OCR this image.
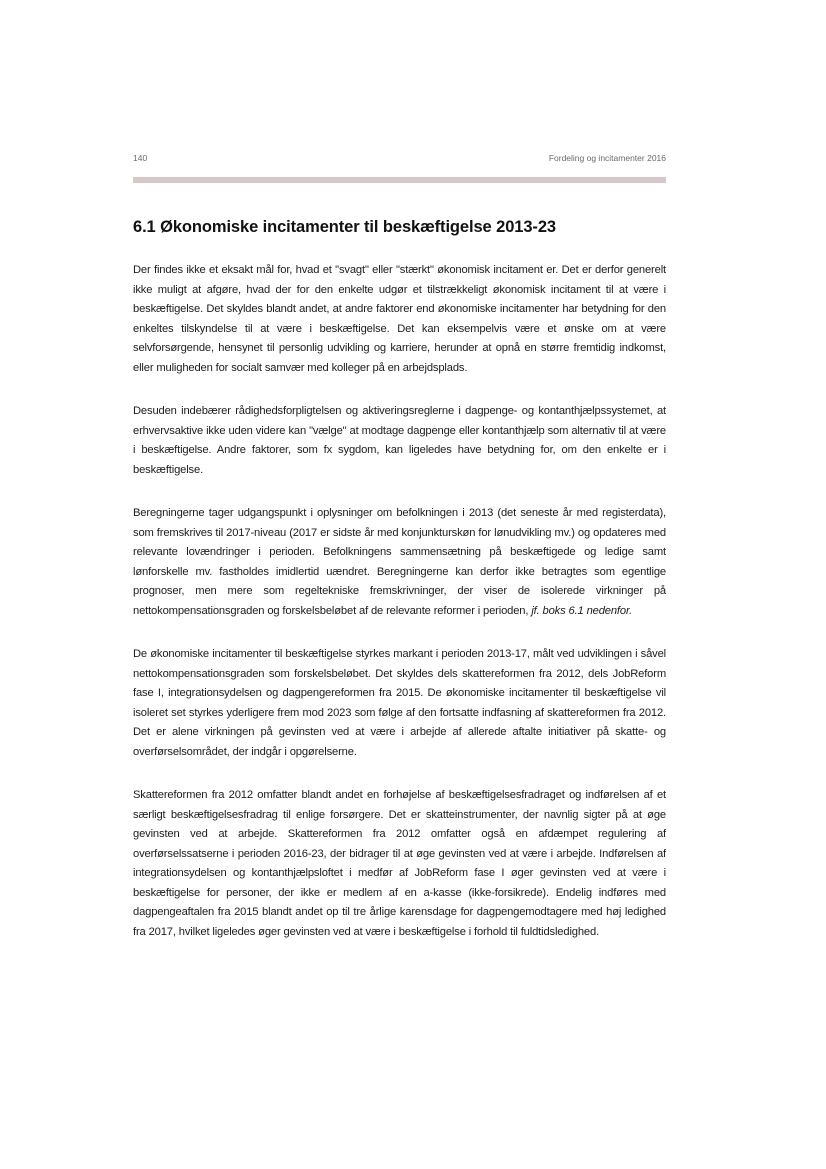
140	Fordeling og incitamenter 2016
6.1 Økonomiske incitamenter til beskæftigelse 2013-23

Der findes ikke et eksakt mål for, hvad et "svagt" eller "stærkt" økonomisk incitament er. Det er derfor generelt ikke muligt at afgøre, hvad der for den enkelte udgør et tilstrækkeligt økonomisk incitament til at være i beskæftigelse. Det skyldes blandt andet, at andre faktorer end økonomiske incitamenter har betydning for den enkeltes tilskyndelse til at være i beskæftigelse. Det kan eksempelvis være et ønske om at være selvforsørgende, hensynet til personlig udvikling og karriere, herunder at opnå en større fremtidig indkomst, eller muligheden for socialt samvær med kolleger på en arbejdsplads.

Desuden indebærer rådighedsforpligtelsen og aktiveringsreglerne i dagpenge- og kontanthjælpssystemet, at erhvervsaktive ikke uden videre kan "vælge" at modtage dagpenge eller kontanthjælp som alternativ til at være i beskæftigelse. Andre faktorer, som fx sygdom, kan ligeledes have betydning for, om den enkelte er i beskæftigelse.

Beregningerne tager udgangspunkt i oplysninger om befolkningen i 2013 (det seneste år med registerdata), som fremskrives til 2017-niveau (2017 er sidste år med konjunkturskøn for lønudvikling mv.) og opdateres med relevante lovændringer i perioden. Befolkningens sammensætning på beskæftigede og ledige samt lønforskelle mv. fastholdes imidlertid uændret. Beregningerne kan derfor ikke betragtes som egentlige prognoser, men mere som regeltekniske fremskrivninger, der viser de isolerede virkninger på nettokompensationsgraden og forskelsbeløbet af de relevante reformer i perioden, jf. boks 6.1 nedenfor.

De økonomiske incitamenter til beskæftigelse styrkes markant i perioden 2013-17, målt ved udviklingen i såvel nettokompensationsgraden som forskelsbeløbet. Det skyldes dels skattereformen fra 2012, dels JobReform fase I, integrationsydelsen og dagpengereformen fra 2015. De økonomiske incitamenter til beskæftigelse vil isoleret set styrkes yderligere frem mod 2023 som følge af den fortsatte indfasning af skattereformen fra 2012. Det er alene virkningen på gevinsten ved at være i arbejde af allerede aftalte initiativer på skatte- og overførselsområdet, der indgår i opgørelserne.

Skattereformen fra 2012 omfatter blandt andet en forhøjelse af beskæftigelsesfradraget og indførelsen af et særligt beskæftigelsesfradrag til enlige forsørgere. Det er skatteinstrumenter, der navnlig sigter på at øge gevinsten ved at arbejde. Skattereformen fra 2012 omfatter også en afdæmpet regulering af overførselssatserne i perioden 2016-23, der bidrager til at øge gevinsten ved at være i arbejde. Indførelsen af integrationsydelsen og kontanthjælpsloftet i medfør af JobReform fase I øger gevinsten ved at være i beskæftigelse for personer, der ikke er medlem af en a-kasse (ikke-forsikrede). Endelig indføres med dagpengeaftalen fra 2015 blandt andet op til tre årlige karensdage for dagpengemodtagere med høj ledighed fra 2017, hvilket ligeledes øger gevinsten ved at være i beskæftigelse i forhold til fuldtidsledighed.
